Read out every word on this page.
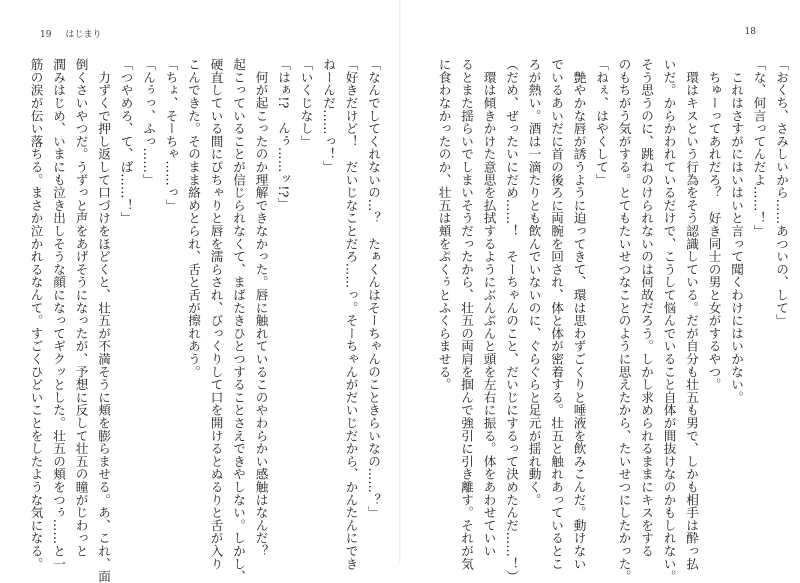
19 はじまり
「なんでしてくれないの…？　たぁくんはそーちゃんのこときらいなの……？」
「好きだけど！　だいじなことだろ……っ。そーちゃんがだいじだから、かんたんにでき
ねーんだ……っ！」
「いくじなし」
「はぁ!?　んぅ……ッ!?」
　何が起こったのか理解できなかった。唇に触れているこのやわらかい感触はなんだ？
起こっていることが信じられなくて、まばたきひとつすることさえできやしない。しかし、
硬直している間にぴちゃりと唇を濡らされ、びっくりして口を開けるとぬるりと舌が入り
こんできた。そのまま絡めとられ、舌と舌が擦れあう。
「ちょ、そーちゃ……っ」
「んぅっ、ふっ……」
「つやめろ、て、ば……！」
　力ずくで押し返して口づけをほどくと、壮五が不満そうに頬を膨らませる。あ、これ、面
倒くさいやつだ。うずっと声をあげそうになったが、予想に反して壮五の瞳がじわっと
潤みはじめ、いまにも泣き出しそうな顔になってギクッとした。壮五の頬をつぅ……と一
筋の涙が伝い落ちる。まさか泣かれるなんて。すごくひどいことをしたような気になる。
18
「おくち、さみしいから……あついの、して」
「な、何言ってんだよ……！」
　これはさすがにはいはいと言って聞くわけにはいかない。
　ちゅーってあれだろ？　好き同士の男と女がするやつ。
　環はキスという行為をそう認識している。だが自分も壮五も男で、しかも相手は酔っ払
いだ。からかわれているだけで、こうして悩んでいること自体が間抜けなのかもしれない。
そう思うのに、跳ねのけられないのは何故だろう。しかし求められるままにキスをする
のもちがう気がする。とてもたいせつなことのように思えたから、たいせつにしたかった。
「ねぇ、はやくして」
　艶やかな唇が誘うように迫ってきて、環は思わずごくりと唾液を飲みこんだ。動けない
でいるあいだに首の後ろに両腕を回され、体と体が密着する。壮五と触れあっているとこ
ろが熱い。酒は一滴たりとも飲んでいないのに、ぐらぐらと足元が揺れ動く。
（だめ、ぜったいにだめ……！　そーちゃんのこと、だいじにするって決めたんだ……！）
　環は傾きかけた意思を払拭するようにぶんぶんと頭を左右に振る。体をあわせていい
るとまた揺らいでしまいそうだったから、壮五の両肩を掴んで強引に引き離す。それが気
に食わなかったのか、壮五は頬をぷくぅとふくらませる。
